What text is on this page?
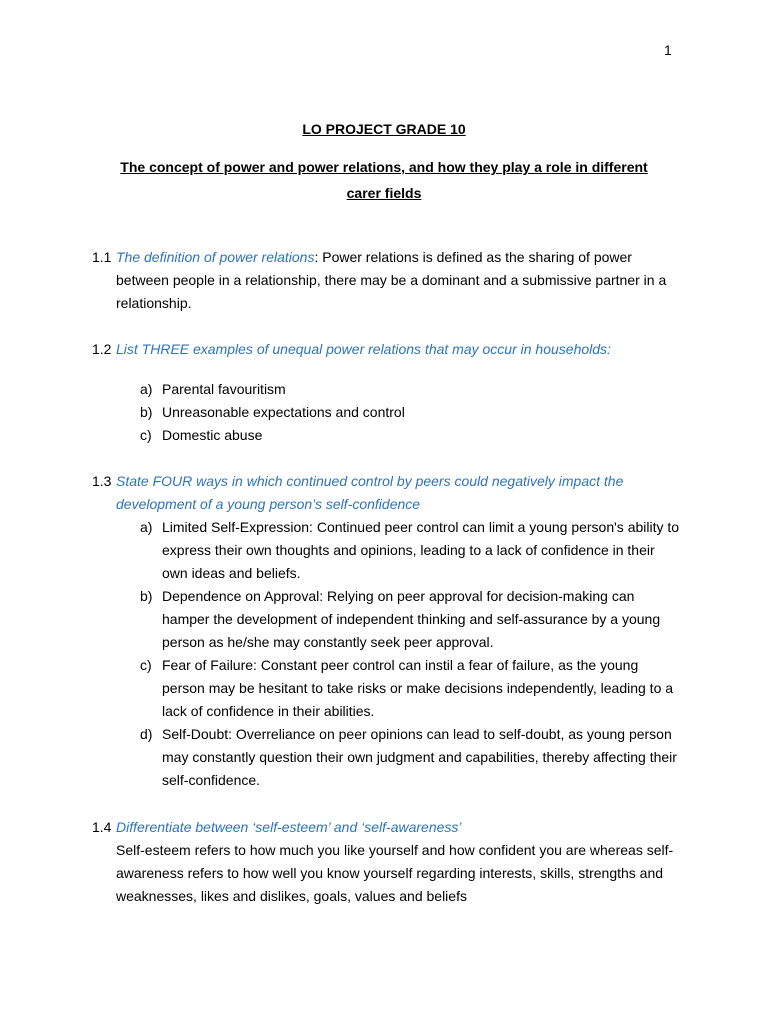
1
LO PROJECT GRADE 10
The concept of power and power relations, and how they play a role in different carer fields
1.1 The definition of power relations: Power relations is defined as the sharing of power between people in a relationship, there may be a dominant and a submissive partner in a relationship.
1.2 List THREE examples of unequal power relations that may occur in households:
a) Parental favouritism
b) Unreasonable expectations and control
c) Domestic abuse
1.3 State FOUR ways in which continued control by peers could negatively impact the development of a young person’s self-confidence
a) Limited Self-Expression: Continued peer control can limit a young person's ability to express their own thoughts and opinions, leading to a lack of confidence in their own ideas and beliefs.
b) Dependence on Approval: Relying on peer approval for decision-making can hamper the development of independent thinking and self-assurance by a young person as he/she may constantly seek peer approval.
c) Fear of Failure: Constant peer control can instil a fear of failure, as the young person may be hesitant to take risks or make decisions independently, leading to a lack of confidence in their abilities.
d) Self-Doubt: Overreliance on peer opinions can lead to self-doubt, as young person may constantly question their own judgment and capabilities, thereby affecting their self-confidence.
1.4 Differentiate between ‘self-esteem’ and ‘self-awareness’
Self-esteem refers to how much you like yourself and how confident you are whereas self-awareness refers to how well you know yourself regarding interests, skills, strengths and weaknesses, likes and dislikes, goals, values and beliefs
